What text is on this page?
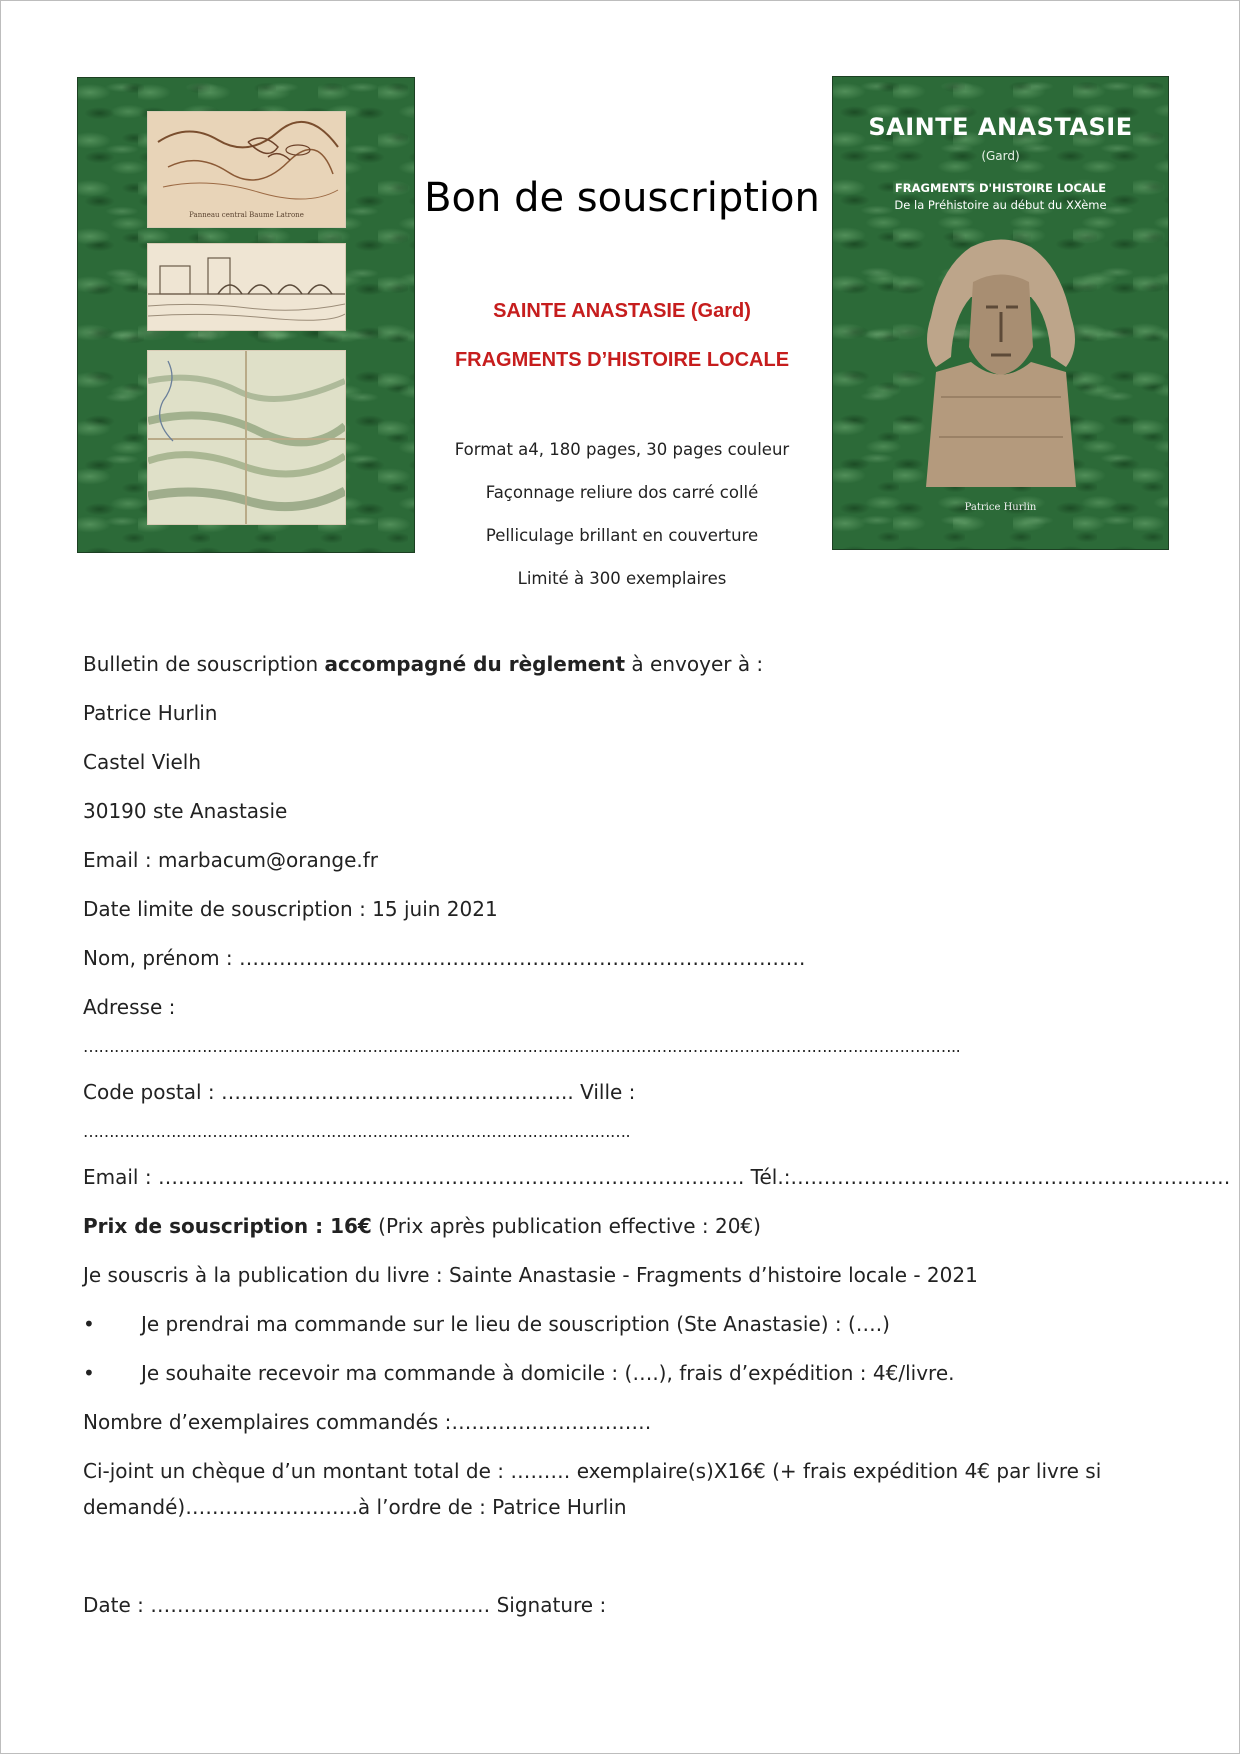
Panneau central Baume Latrone
SAINTE ANASTASIE
(Gard)
FRAGMENTS D'HISTOIRE LOCALE
De la Préhistoire au début du XXème
Patrice Hurlin
Bon de souscription
SAINTE ANASTASIE (Gard)
FRAGMENTS D’HISTOIRE LOCALE
Format a4, 180 pages, 30 pages couleur
Façonnage reliure dos carré collé
Pelliculage brillant en couverture
Limité à 300 exemplaires
Bulletin de souscription accompagné du règlement à envoyer à :
Patrice Hurlin
Castel Vielh
30190 ste Anastasie
Email : marbacum@orange.fr
Date limite de souscription : 15 juin 2021
Nom, prénom : ………………………………………………………………………….
Adresse :
……………………………………………………………………………………………………………………………………………………..
Code postal : …………………………………………….. Ville :
…………………………………………………………………………………………….
Email : ……………………………………………………………………………. Tél.:…………………………………………………………
Prix de souscription : 16€ (Prix après publication effective : 20€)
Je souscris à la publication du livre : Sainte Anastasie - Fragments d’histoire locale - 2021
• Je prendrai ma commande sur le lieu de souscription (Ste Anastasie) : (….)
• Je souhaite recevoir ma commande à domicile : (….), frais d’expédition : 4€/livre.
Nombre d’exemplaires commandés :…………………………
Ci-joint un chèque d’un montant total de : ……… exemplaire(s)X16€ (+ frais expédition 4€ par livre si
demandé)……………………..à l’ordre de : Patrice Hurlin
Date : …………………………………………… Signature :
